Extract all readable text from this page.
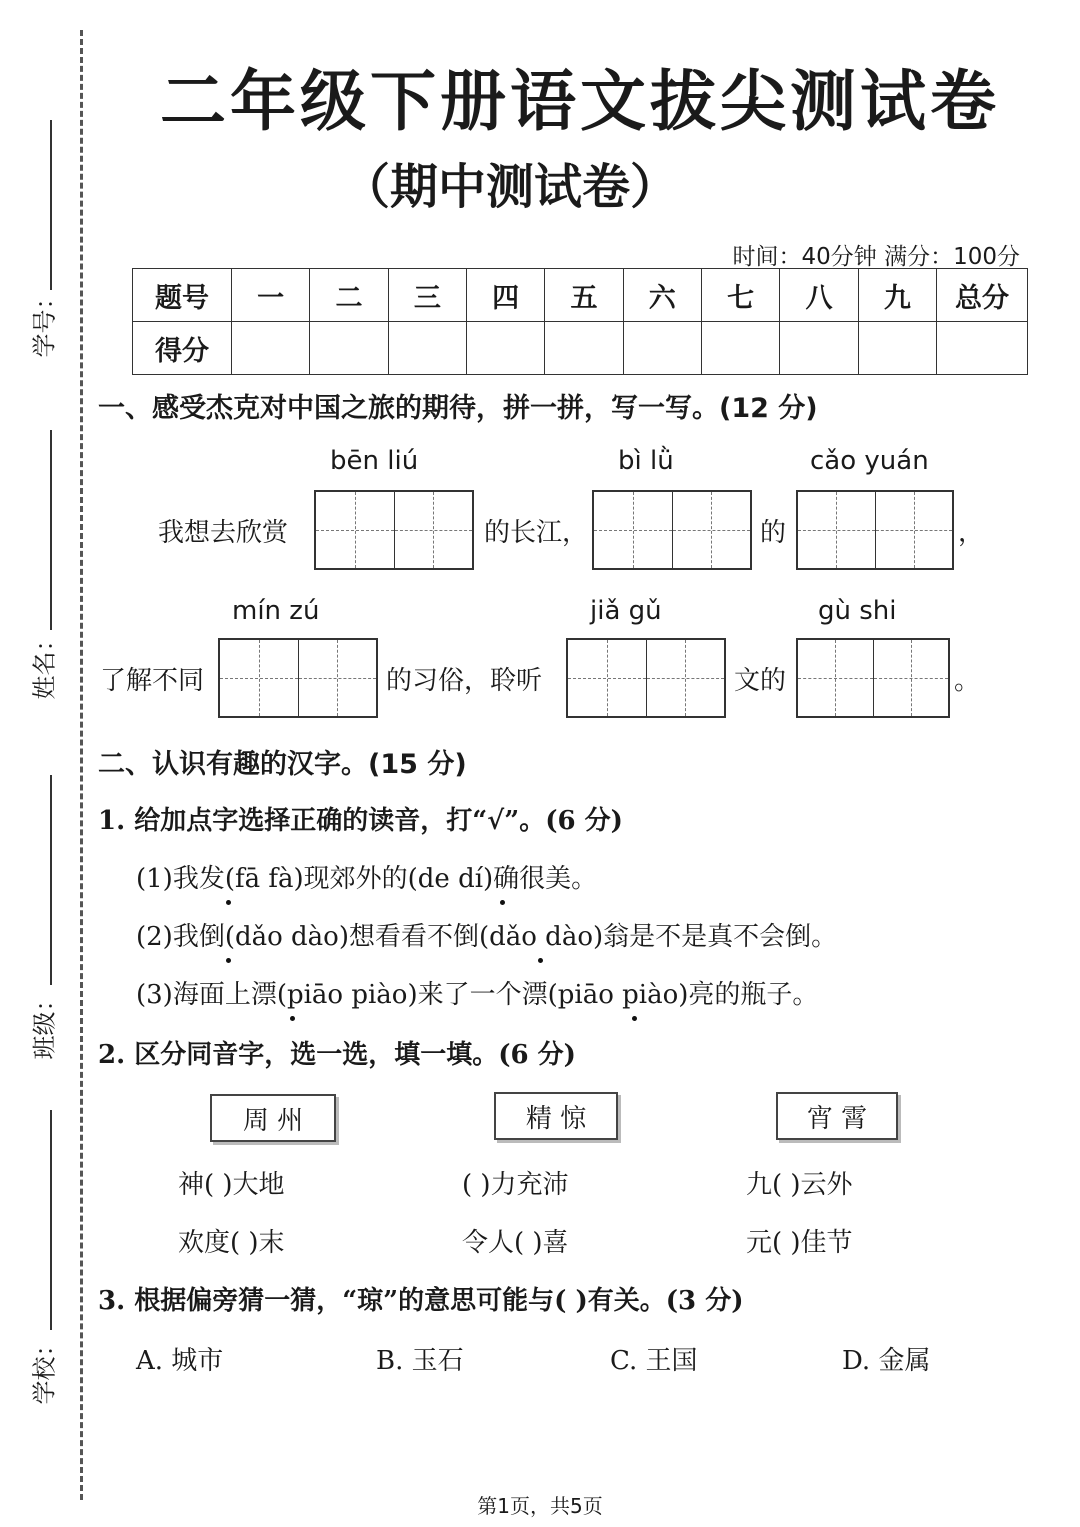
学号：
姓名：
班级：
学校：
二年级下册语文拔尖测试卷
（期中测试卷）
时间：40分钟 满分：100分
题号	一	二	三	四	五	六	七	八	九	总分
得分										
一、感受杰克对中国之旅的期待，拼一拼，写一写。(12 分)
bēn liú	bì lǜ	cǎo yuán
我想去欣赏	的长江，	的	，
mín zú	jiǎ gǔ	gù shi
了解不同	的习俗，聆听	文的	。
二、认识有趣的汉字。(15 分)
1. 给加点字选择正确的读音，打“√”。(6 分)
(1)我发(fā fà)现郊外的(de dí)确很美。
(2)我倒(dǎo dào)想看看不倒(dǎo dào)翁是不是真不会倒。
(3)海面上漂(piāo piào)来了一个漂(piāo piào)亮的瓶子。
2. 区分同音字，选一选，填一填。(6 分)
周 州	精 惊	宵 霄
神( )大地	( )力充沛	九( )云外
欢度( )末	令人( )喜	元( )佳节
3. 根据偏旁猜一猜，“琼”的意思可能与( )有关。(3 分)
A. 城市	B. 玉石	C. 王国	D. 金属
第1页，共5页
